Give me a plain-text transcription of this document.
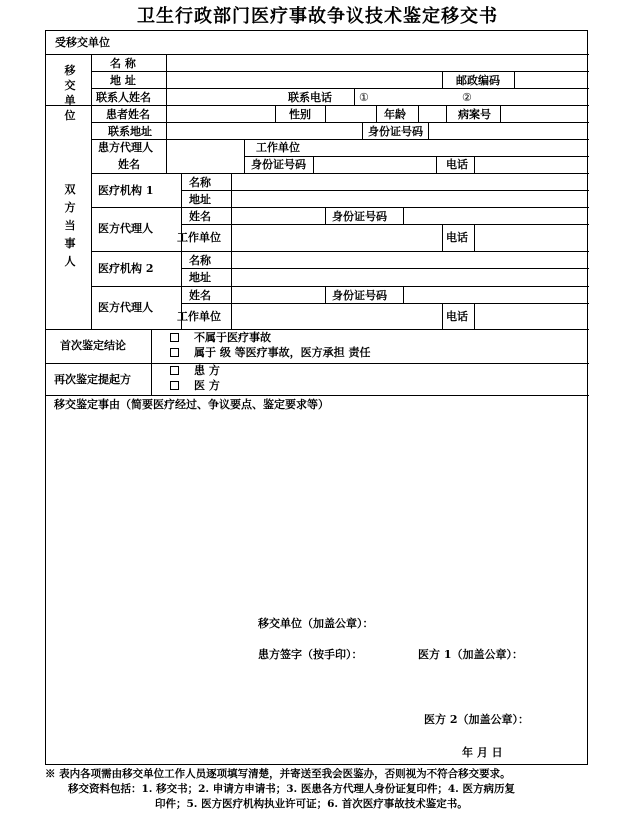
卫生行政部门医疗事故争议技术鉴定移交书
受移交单位
移交单位
名 称
地 址	邮政编码
联系人姓名	联系电话 ①	②
双方当事人
患者姓名	性别	年龄	病案号
联系地址	身份证号码
患方代理人
姓名
工作单位
身份证号码	电话
医疗机构 1
名称
地址
医方代理人
姓名	身份证号码
工作单位	电话
医疗机构 2
名称
地址
医方代理人
姓名	身份证号码
工作单位	电话
首次鉴定结论
不属于医疗事故
属于 级 等医疗事故，医方承担 责任
再次鉴定提起方
患 方
医 方
移交鉴定事由（简要医疗经过、争议要点、鉴定要求等）
移交单位（加盖公章）：
患方签字（按手印）：	医方 1（加盖公章）：
医方 2（加盖公章）：
年 月 日
※ 表内各项需由移交单位工作人员逐项填写清楚，并寄送至我会医鉴办，否则视为不符合移交要求。
移交资料包括：1. 移交书；2. 申请方申请书；3. 医患各方代理人身份证复印件；4. 医方病历复
印件；5. 医方医疗机构执业许可证；6. 首次医疗事故技术鉴定书。
